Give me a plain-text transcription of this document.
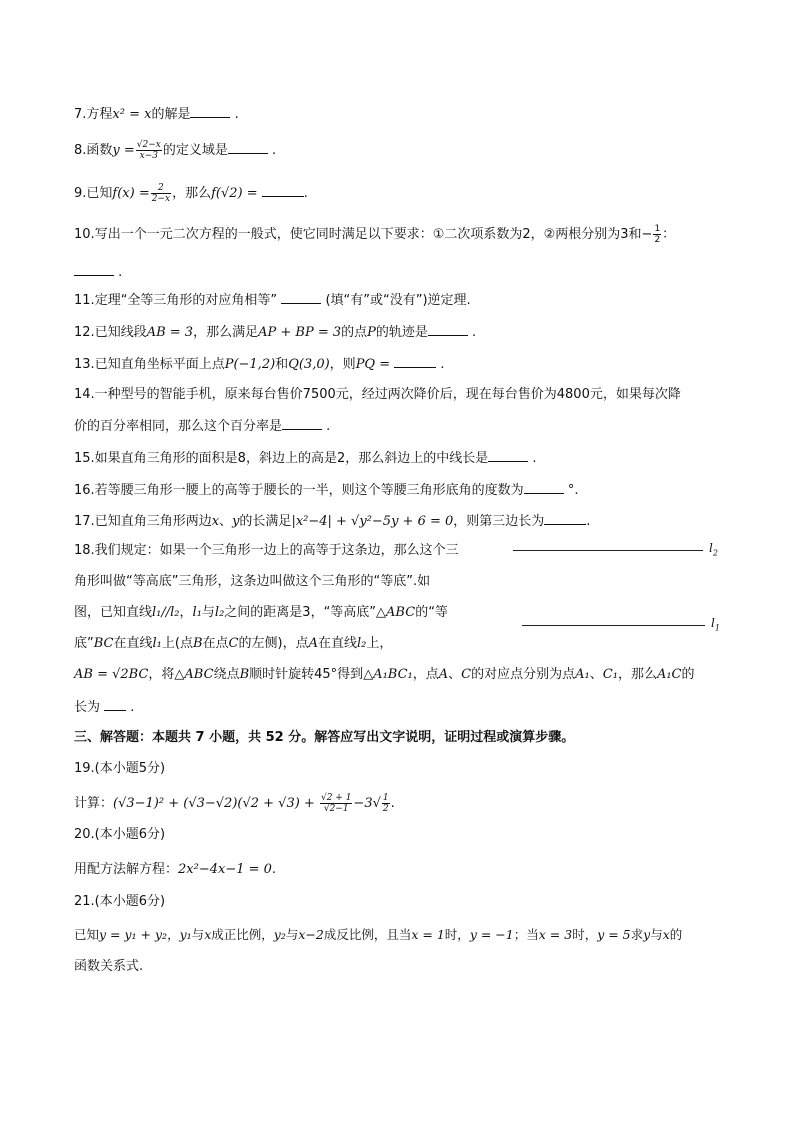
7.方程x² = x的解是	.
8.函数$y = \frac{√2-x}{x-3}$ 的定义域是	.
9.已知$f(x) = \frac{2}{2-x}$ ，那么f(√2) =	.
10.写出一个一元二次方程的一般式，使它同时满足以下要求：①二次项系数为2，②两根分别为3和− $\frac{1}{2}$ ：
.
11.定理“全等三角形的对应角相等”	(填“有”或“没有”)逆定理.
12.已知线段AB = 3，那么满足AP + BP = 3的点P的轨迹是	.
13.已知直角坐标平面上点P(−1,2)和Q(3,0)，则PQ =	.
14.一种型号的智能手机，原来每台售价7500元，经过两次降价后，现在每台售价为4800元，如果每次降
价的百分率相同，那么这个百分率是	.
15.如果直角三角形的面积是8，斜边上的高是2，那么斜边上的中线长是	.
16.若等腰三角形一腰上的高等于腰长的一半，则这个等腰三角形底角的度数为	°.
17.已知直角三角形两边x、y的长满足|x²−4| + √y²−5y + 6 = 0，则第三边长为	.
18.我们规定：如果一个三角形一边上的高等于这条边，那么这个三
角形叫做“等高底”三角形，这条边叫做这个三角形的“等底”.如
图，已知直线l₁//l₂，l₁与l₂之间的距离是3，“等高底”△ABC的“等
底”BC在直线l₁上(点B在点C的左侧)，点A在直线l₂上，
AB = √2BC，将△ABC绕点B顺时针旋转45°得到△A₁BC₁，点A、C的对应点分别为点A₁、C₁，那么A₁C的
长为 .
$l_2$
$l_1$
三、解答题：本题共 7 小题，共 52 分。解答应写出文字说明，证明过程或演算步骤。
19.(本小题5分)
计算：$(√3-1)^2 + (√3-√2)(√2 + √3) + \frac{√2 + 1}{√2-1} -3√ \frac{1}{2}$ .
20.(本小题6分)
用配方法解方程：2x²−4x−1 = 0.
21.(本小题6分)
已知y = y₁ + y₂，y₁与x成正比例，y₂与x−2成反比例，且当x = 1时，y = −1；当x = 3时，y = 5求y与x的
函数关系式.
